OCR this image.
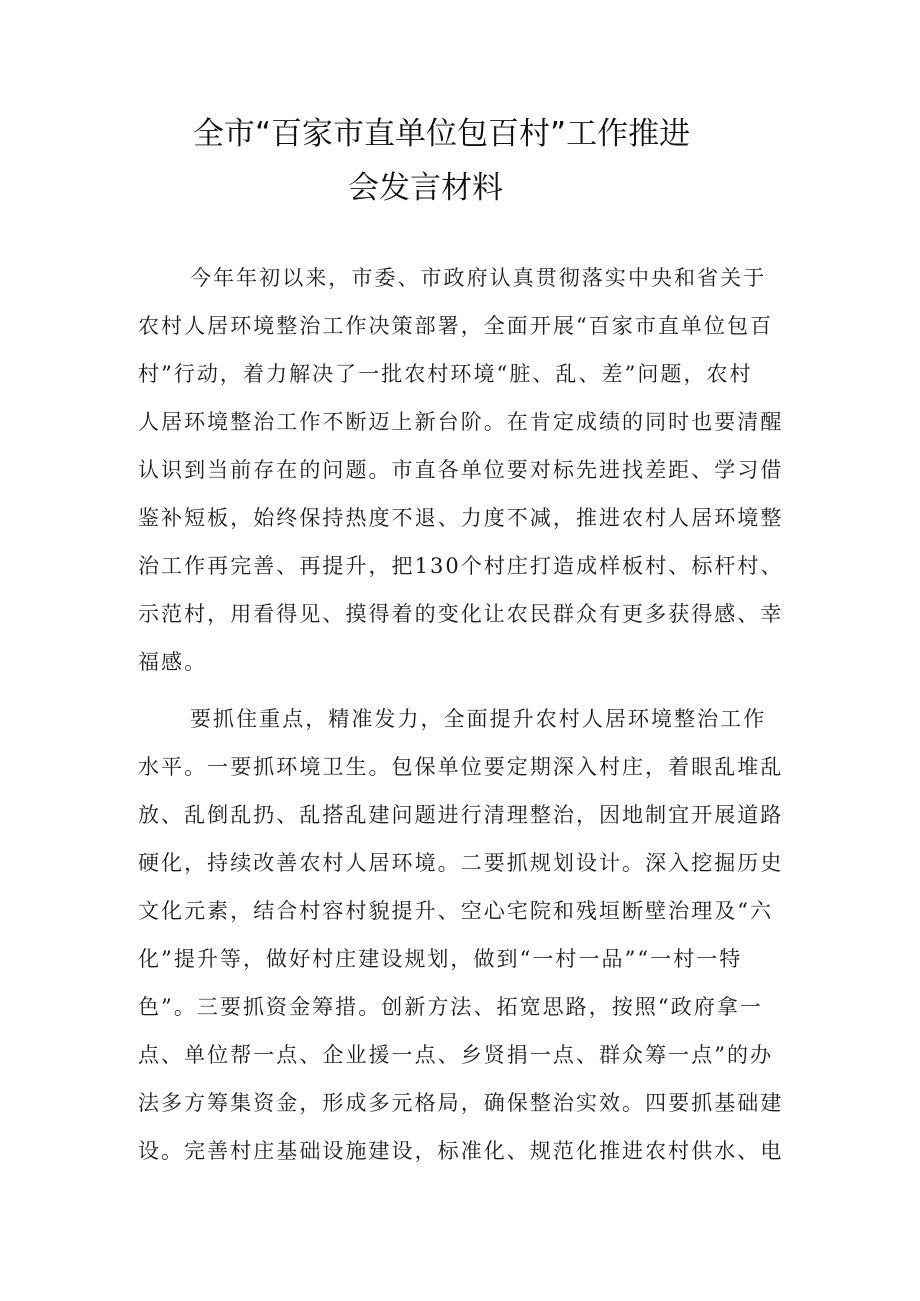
全市“百家市直单位包百村”工作推进
会发言材料
今年年初以来，市委、市政府认真贯彻落实中央和省关于
农村人居环境整治工作决策部署，全面开展“百家市直单位包百
村”行动，着力解决了一批农村环境“脏、乱、差”问题，农村
人居环境整治工作不断迈上新台阶。在肯定成绩的同时也要清醒
认识到当前存在的问题。市直各单位要对标先进找差距、学习借
鉴补短板，始终保持热度不退、力度不减，推进农村人居环境整
治工作再完善、再提升，把130个村庄打造成样板村、标杆村、
示范村，用看得见、摸得着的变化让农民群众有更多获得感、幸
福感。
要抓住重点，精准发力，全面提升农村人居环境整治工作
水平。一要抓环境卫生。包保单位要定期深入村庄，着眼乱堆乱
放、乱倒乱扔、乱搭乱建问题进行清理整治，因地制宜开展道路
硬化，持续改善农村人居环境。二要抓规划设计。深入挖掘历史
文化元素，结合村容村貌提升、空心宅院和残垣断壁治理及“六
化”提升等，做好村庄建设规划，做到“一村一品”“一村一特
色”。三要抓资金筹措。创新方法、拓宽思路，按照“政府拿一
点、单位帮一点、企业援一点、乡贤捐一点、群众筹一点”的办
法多方筹集资金，形成多元格局，确保整治实效。四要抓基础建
设。完善村庄基础设施建设，标准化、规范化推进农村供水、电
